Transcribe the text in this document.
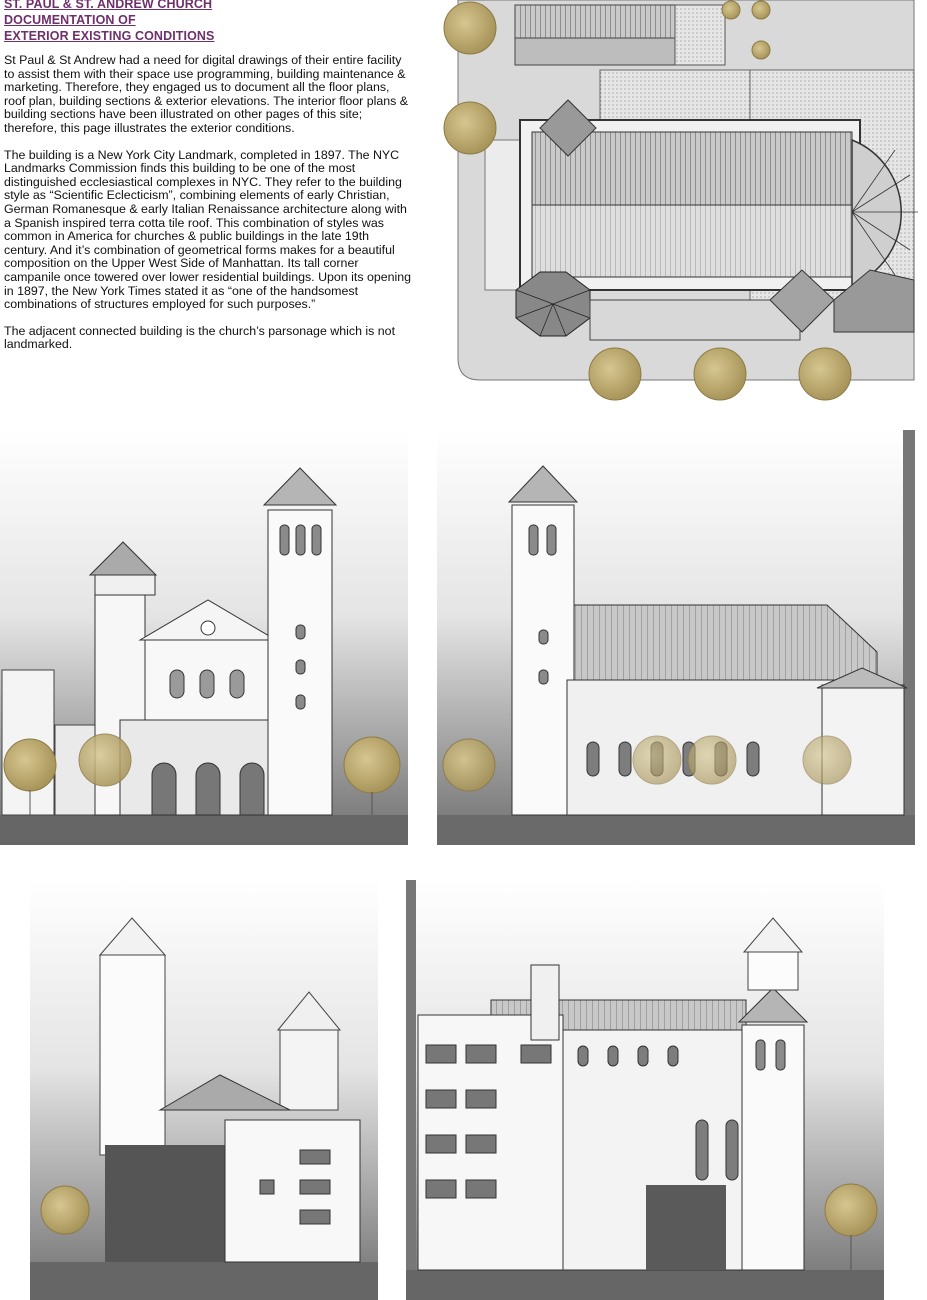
ST. PAUL & ST. ANDREW CHURCH
DOCUMENTATION OF
EXTERIOR EXISTING CONDITIONS

St Paul & St Andrew had a need for digital drawings of their entire facility to assist them with their space use programming, building maintenance & marketing. Therefore, they engaged us to document all the floor plans, roof plan, building sections & exterior elevations. The interior floor plans & building sections have been illustrated on other pages of this site; therefore, this page illustrates the exterior conditions.

The building is a New York City Landmark, completed in 1897. The NYC Landmarks Commission finds this building to be one of the most distinguished ecclesiastical complexes in NYC. They refer to the building style as “Scientific Eclecticism”, combining elements of early Christian, German Romanesque & early Italian Renaissance architecture along with a Spanish inspired terra cotta tile roof. This combination of styles was common in America for churches & public buildings in the late 19th century. And it’s combination of geometrical forms makes for a beautiful composition on the Upper West Side of Manhattan. Its tall corner campanile once towered over lower residential buildings. Upon its opening in 1897, the New York Times stated it as “one of the handsomest combinations of structures employed for such purposes.”

The adjacent connected building is the church’s parsonage which is not landmarked.
